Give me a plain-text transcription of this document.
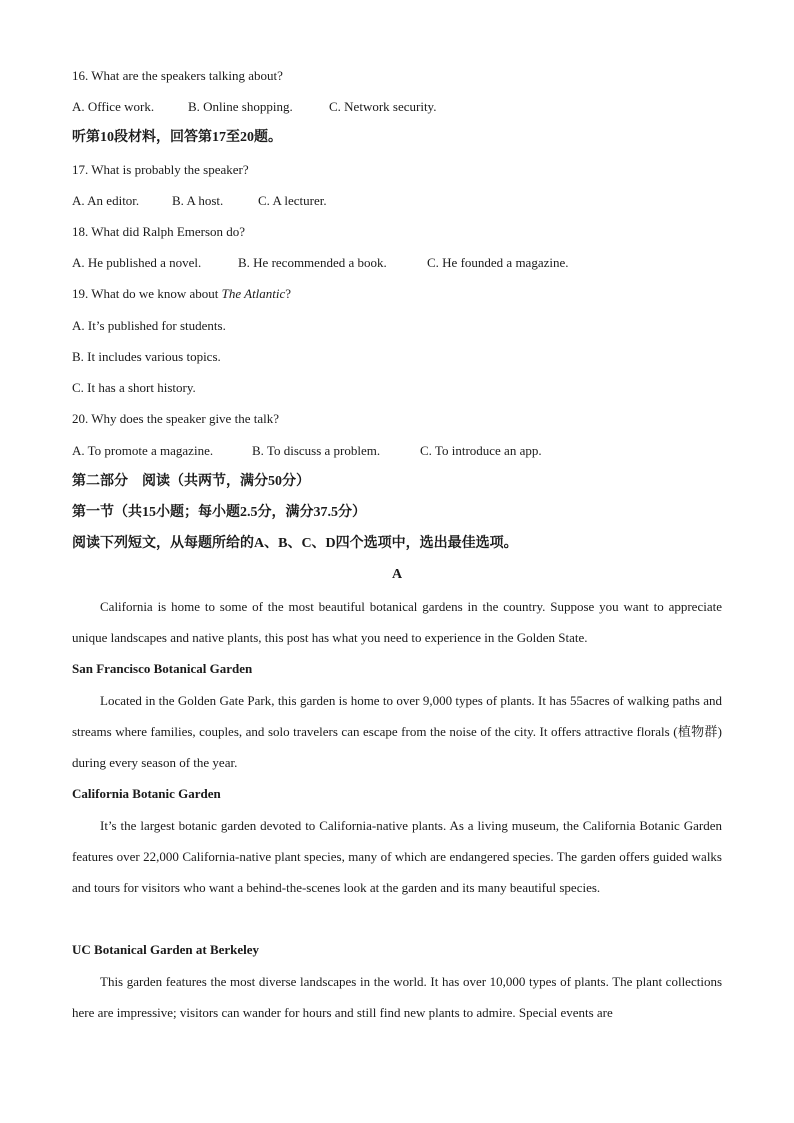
16. What are the speakers talking about?
A. Office work.	B. Online shopping.	C. Network security.
听第10段材料，回答第17至20题。
17. What is probably the speaker?
A. An editor.	B. A host.	C. A lecturer.
18. What did Ralph Emerson do?
A. He published a novel.	B. He recommended a book.	C. He founded a magazine.
19. What do we know about The Atlantic?
A. It’s published for students.
B. It includes various topics.
C. It has a short history.
20. Why does the speaker give the talk?
A. To promote a magazine.	B. To discuss a problem.	C. To introduce an app.
第二部分　阅读（共两节，满分50分）
第一节（共15小题；每小题2.5分，满分37.5分）
阅读下列短文，从每题所给的A、B、C、D四个选项中，选出最佳选项。
A

California is home to some of the most beautiful botanical gardens in the country. Suppose you want to appreciate unique landscapes and native plants, this post has what you need to experience in the Golden State.

San Francisco Botanical Garden

Located in the Golden Gate Park, this garden is home to over 9,000 types of plants. It has 55acres of walking paths and streams where families, couples, and solo travelers can escape from the noise of the city. It offers attractive florals (植物群) during every season of the year.

California Botanic Garden

It’s the largest botanic garden devoted to California-native plants. As a living museum, the California Botanic Garden features over 22,000 California-native plant species, many of which are endangered species. The garden offers guided walks and tours for visitors who want a behind-the-scenes look at the garden and its many beautiful species.

UC Botanical Garden at Berkeley

This garden features the most diverse landscapes in the world. It has over 10,000 types of plants. The plant collections here are impressive; visitors can wander for hours and still find new plants to admire. Special events are
